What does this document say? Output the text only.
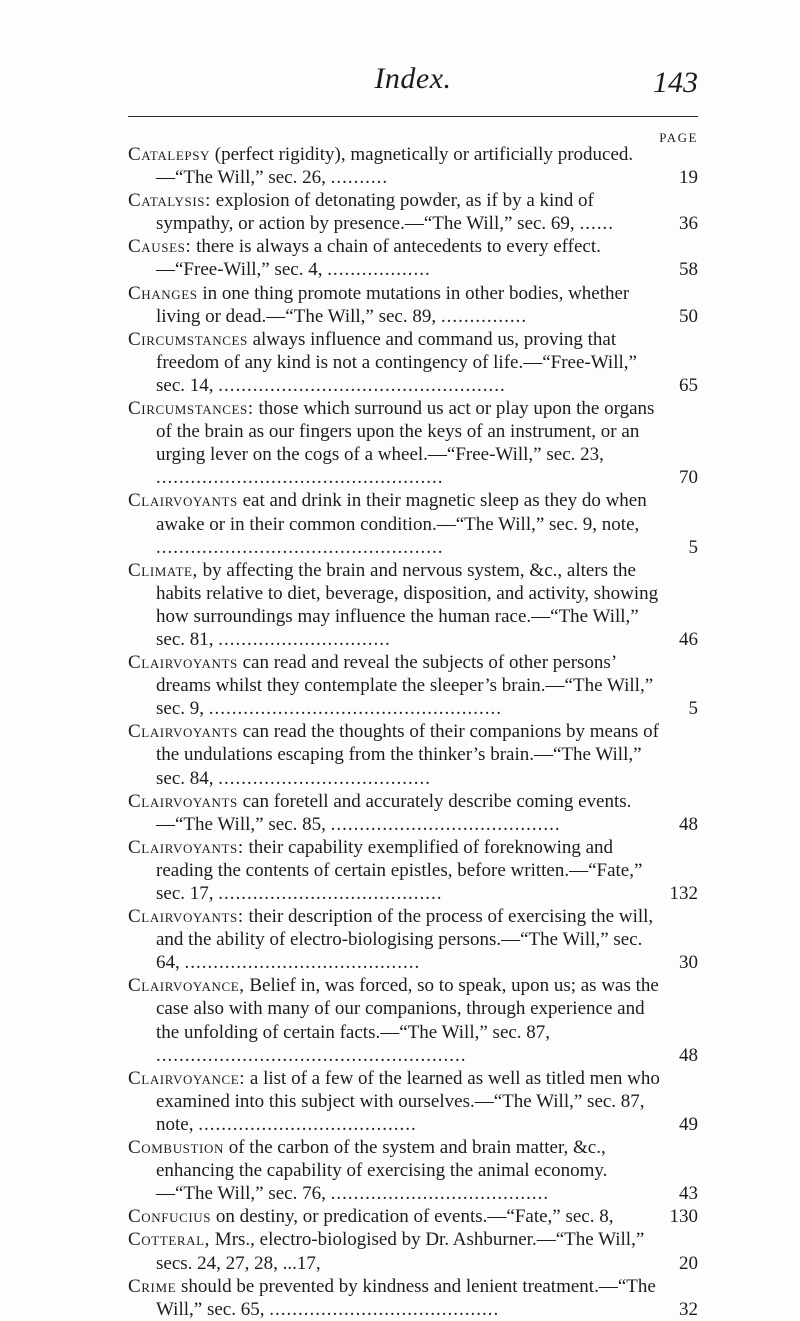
Index.	143
PAGE
Catalepsy (perfect rigidity), magnetically or artificially produced.—“The Will,” sec. 26, ..........	19
Catalysis: explosion of detonating powder, as if by a kind of sympathy, or action by presence.—“The Will,” sec. 69, ......	36
Causes: there is always a chain of antecedents to every effect. —“Free-Will,” sec. 4, ..................	58
Changes in one thing promote mutations in other bodies, whether living or dead.—“The Will,” sec. 89, ...............	50
Circumstances always influence and command us, proving that freedom of any kind is not a contingency of life.—“Free-Will,” sec. 14, ..................................................	65
Circumstances: those which surround us act or play upon the organs of the brain as our fingers upon the keys of an instrument, or an urging lever on the cogs of a wheel.—“Free-Will,” sec. 23, ..................................................	70
Clairvoyants eat and drink in their magnetic sleep as they do when awake or in their common condition.—“The Will,” sec. 9, note, ..................................................	5
Climate, by affecting the brain and nervous system, &c., alters the habits relative to diet, beverage, disposition, and activity, showing how surroundings may influence the human race.—“The Will,” sec. 81, ..............................	46
Clairvoyants can read and reveal the subjects of other persons’ dreams whilst they contemplate the sleeper’s brain.—“The Will,” sec. 9, ...................................................	5
Clairvoyants can read the thoughts of their companions by means of the undulations escaping from the thinker’s brain.—“The Will,” sec. 84, .....................................
Clairvoyants can foretell and accurately describe coming events. —“The Will,” sec. 85, ........................................	48
Clairvoyants: their capability exemplified of foreknowing and reading the contents of certain epistles, before written.—“Fate,” sec. 17, .......................................	132
Clairvoyants: their description of the process of exercising the will, and the ability of electro-biologising persons.—“The Will,” sec. 64, .........................................	30
Clairvoyance, Belief in, was forced, so to speak, upon us; as was the case also with many of our companions, through experience and the unfolding of certain facts.—“The Will,” sec. 87, ......................................................	48
Clairvoyance: a list of a few of the learned as well as titled men who examined into this subject with ourselves.—“The Will,” sec. 87, note, ......................................	49
Combustion of the carbon of the system and brain matter, &c., enhancing the capability of exercising the animal economy.—“The Will,” sec. 76, ......................................	43
Confucius on destiny, or predication of events.—“Fate,” sec. 8,	130
Cotteral, Mrs., electro-biologised by Dr. Ashburner.—“The Will,” secs. 24, 27, 28, ...17,	20
Crime should be prevented by kindness and lenient treatment.—“The Will,” sec. 65, ........................................	32
